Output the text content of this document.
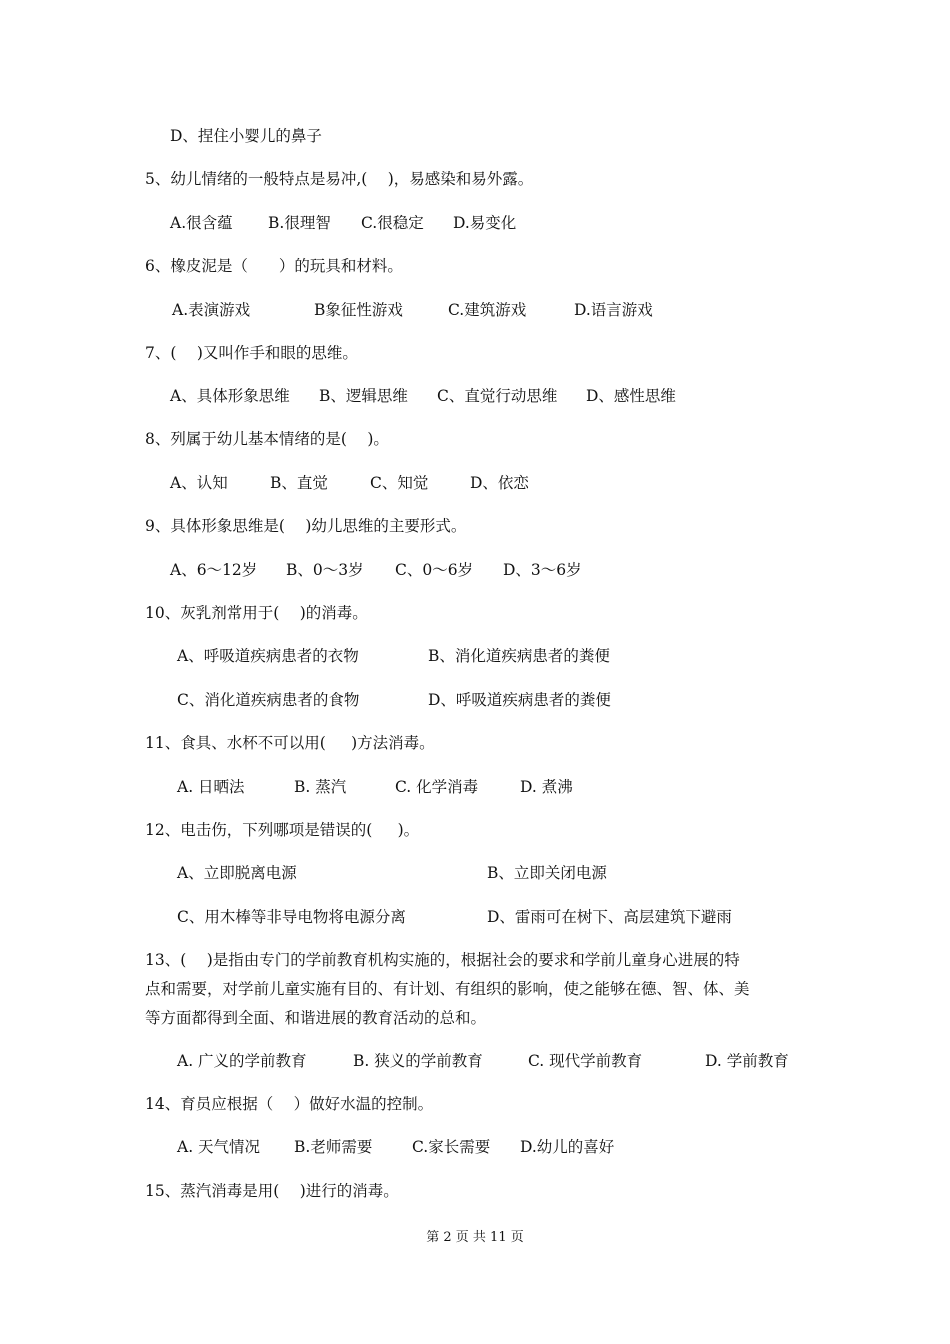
D、捏住小婴儿的鼻子
5、幼儿情绪的一般特点是易冲,(　 )，易感染和易外露。
A.很含蕴 B.很理智 C.很稳定 D.易变化
6、橡皮泥是（　　）的玩具和材料。
A.表演游戏	B象征性游戏	C.建筑游戏	D.语言游戏
7、(　 )又叫作手和眼的思维。
A、具体形象思维 B、逻辑思维 C、直觉行动思维 D、感性思维
8、列属于幼儿基本情绪的是(　 )。
A、认知	B、直觉	C、知觉	D、依恋
9、具体形象思维是(　 )幼儿思维的主要形式。
A、6～12岁 B、0～3岁 C、0～6岁 D、3～6岁
10、灰乳剂常用于(　 )的消毒。
A、呼吸道疾病患者的衣物	B、消化道疾病患者的粪便
C、消化道疾病患者的食物	D、呼吸道疾病患者的粪便
11、食具、水杯不可以用(　  )方法消毒。
A. 日晒法	B. 蒸汽	C. 化学消毒	D. 煮沸
12、电击伤，下列哪项是错误的(　  )。
A、立即脱离电源	B、立即关闭电源
C、用木棒等非导电物将电源分离	D、雷雨可在树下、高层建筑下避雨
13、(　 )是指由专门的学前教育机构实施的，根据社会的要求和学前儿童身心进展的特
点和需要，对学前儿童实施有目的、有计划、有组织的影响，使之能够在德、智、体、美
等方面都得到全面、和谐进展的教育活动的总和。
A. 广义的学前教育	B. 狭义的学前教育	C. 现代学前教育	D. 学前教育
14、育员应根据（　 ）做好水温的控制。
A. 天气情况 B.老师需要	C.家长需要 D.幼儿的喜好
15、蒸汽消毒是用(　 )进行的消毒。
第 2 页 共 11 页
